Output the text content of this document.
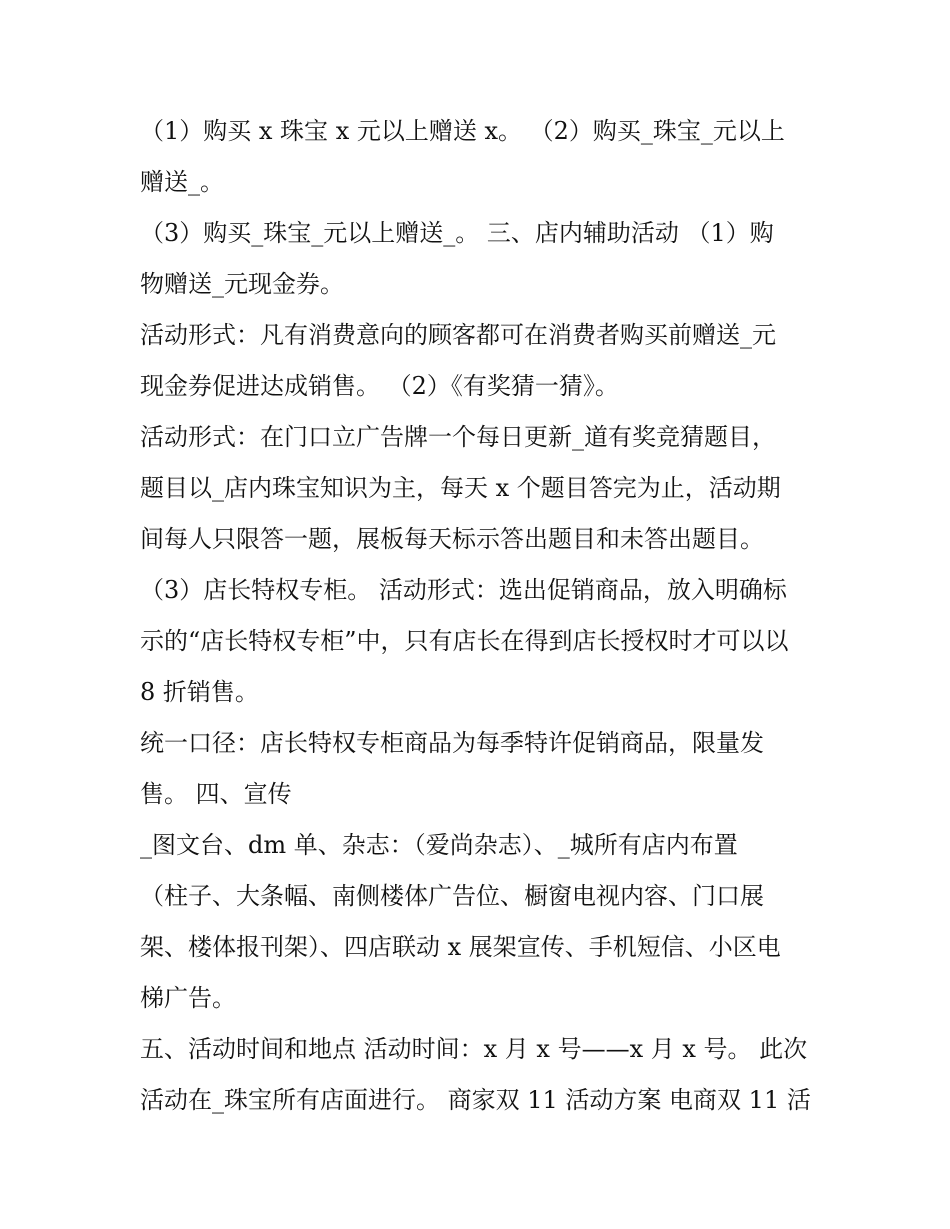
（1）购买 x 珠宝 x 元以上赠送 x。 （2）购买_珠宝_元以上
赠送_。
（3）购买_珠宝_元以上赠送_。 三、店内辅助活动 （1）购
物赠送_元现金券。
活动形式：凡有消费意向的顾客都可在消费者购买前赠送_元
现金券促进达成销售。 （2）《有奖猜一猜》。
活动形式：在门口立广告牌一个每日更新_道有奖竞猜题目，
题目以_店内珠宝知识为主，每天 x 个题目答完为止，活动期
间每人只限答一题，展板每天标示答出题目和未答出题目。
（3）店长特权专柜。 活动形式：选出促销商品，放入明确标
示的“店长特权专柜”中，只有店长在得到店长授权时才可以以
8 折销售。
统一口径：店长特权专柜商品为每季特许促销商品，限量发
售。 四、宣传
_图文台、dm 单、杂志：（爱尚杂志）、_城所有店内布置
（柱子、大条幅、南侧楼体广告位、橱窗电视内容、门口展
架、楼体报刊架）、四店联动 x 展架宣传、手机短信、小区电
梯广告。
五、活动时间和地点 活动时间：x 月 x 号——x 月 x 号。 此次
活动在_珠宝所有店面进行。 商家双 11 活动方案 电商双 11 活
